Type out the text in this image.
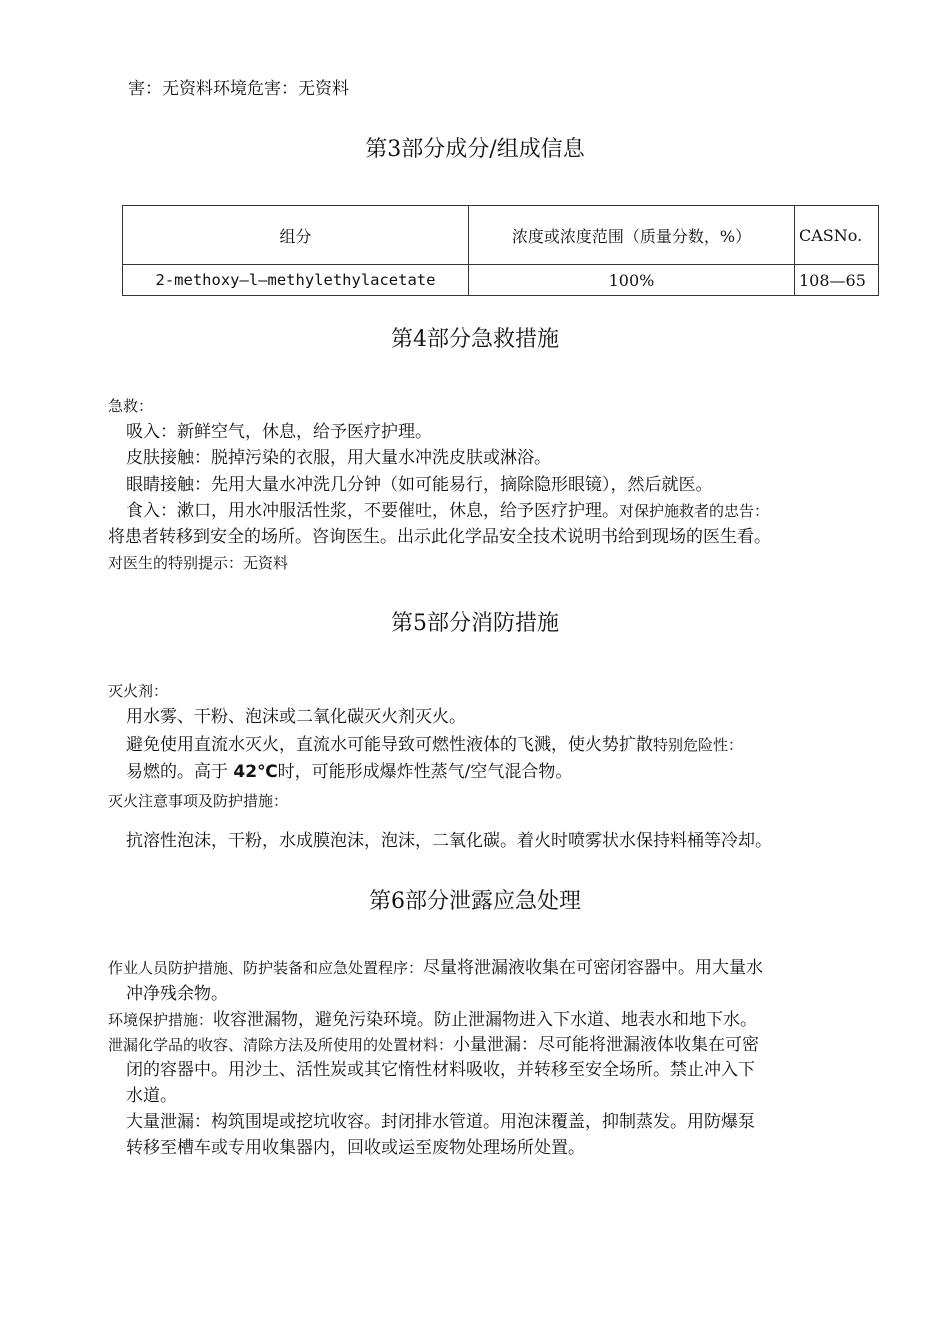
害：无资料环境危害：无资料
第3部分成分/组成信息
组分	浓度或浓度范围（质量分数，%）	CASNo.
2-methoxy—l—methylethylacetate	100%	108—65
第4部分急救措施
急救：
吸入：新鲜空气，休息，给予医疗护理。
皮肤接触：脱掉污染的衣服，用大量水冲洗皮肤或淋浴。
眼睛接触：先用大量水冲洗几分钟（如可能易行，摘除隐形眼镜），然后就医。
食入：漱口，用水冲服活性浆，不要催吐，休息，给予医疗护理。对保护施救者的忠告：
将患者转移到安全的场所。咨询医生。出示此化学品安全技术说明书给到现场的医生看。
对医生的特别提示：无资料
第5部分消防措施
灭火剂：
用水雾、干粉、泡沫或二氧化碳灭火剂灭火。
避免使用直流水灭火，直流水可能导致可燃性液体的飞溅，使火势扩散特别危险性：
易燃的。高于 42℃时，可能形成爆炸性蒸气/空气混合物。
灭火注意事项及防护措施：
抗溶性泡沫，干粉，水成膜泡沫，泡沫，二氧化碳。着火时喷雾状水保持料桶等冷却。
第6部分泄露应急处理
作业人员防护措施、防护装备和应急处置程序：尽量将泄漏液收集在可密闭容器中。用大量水
冲净残余物。
环境保护措施：收容泄漏物，避免污染环境。防止泄漏物进入下水道、地表水和地下水。
泄漏化学品的收容、清除方法及所使用的处置材料：小量泄漏：尽可能将泄漏液体收集在可密
闭的容器中。用沙土、活性炭或其它惰性材料吸收，并转移至安全场所。禁止冲入下
水道。
大量泄漏：构筑围堤或挖坑收容。封闭排水管道。用泡沫覆盖，抑制蒸发。用防爆泵
转移至槽车或专用收集器内，回收或运至废物处理场所处置。
